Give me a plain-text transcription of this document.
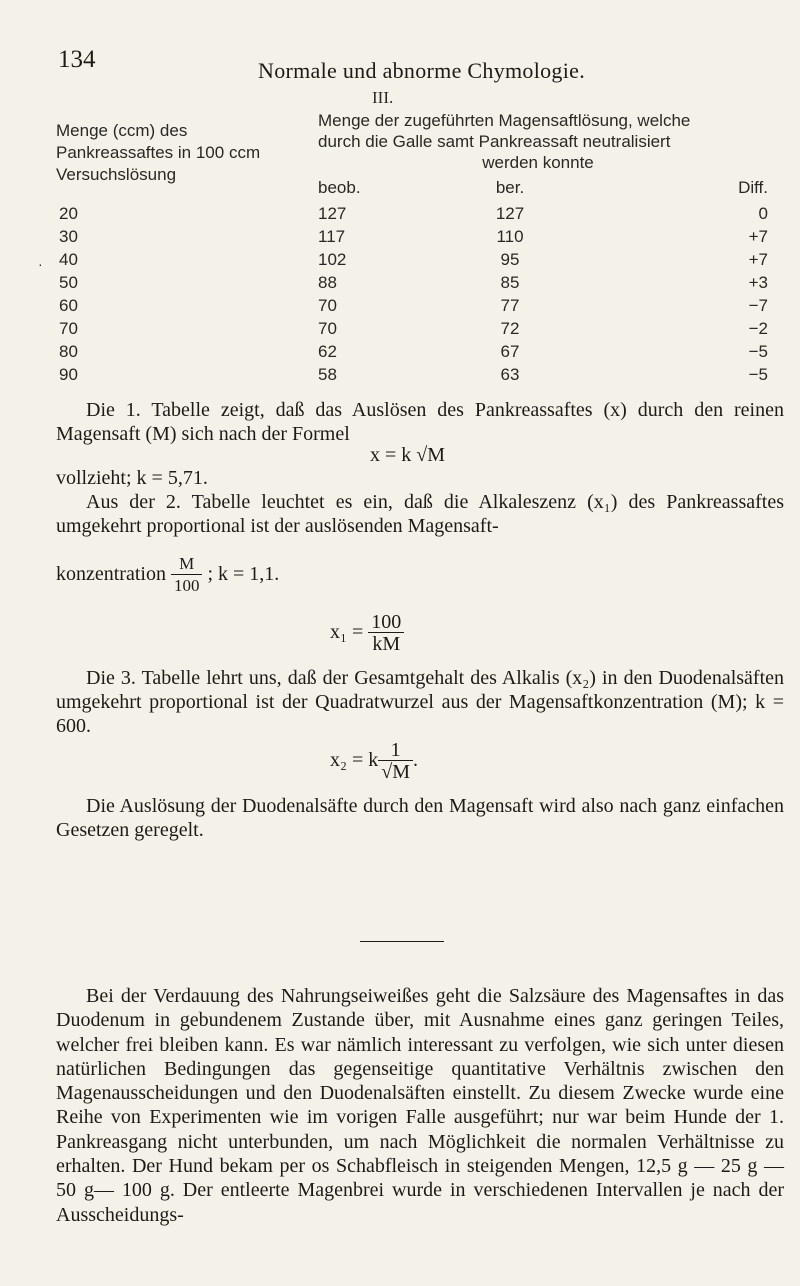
134	Normale und abnorme Chymologie.
III.
Menge (ccm) des Pankreassaftes in 100 ccm Versuchslösung
Menge der zugeführten Magensaftlösung, welche
durch die Galle samt Pankreassaft neutralisiert

werden konnte
beob.	ber.	Diff.
·
20	127	127	0
30	117	110	+7
40	102	95	+7
50	88	85	+3
60	70	77	−7
70	70	72	−2
80	62	67	−5
90	58	63	−5
Die 1. Tabelle zeigt, daß das Auslösen des Pankreassaftes (x) durch den reinen Magensaft (M) sich nach der Formel
x = k √M
vollzieht; k = 5,71.
Aus der 2. Tabelle leuchtet es ein, daß die Alkaleszenz (x₁) des Pankreassaftes umgekehrt proportional ist der auslösenden Magensaft-
konzentration $\frac{M}{100}$ ; k = 1,1.
$x_1 = \frac{100}{kM}$
Die 3. Tabelle lehrt uns, daß der Gesamtgehalt des Alkalis (x₂) in den Duodenalsäften umgekehrt proportional ist der Quadratwurzel aus der Magensaftkonzentration (M); k = 600.
x₂ = k $\frac{1}{√M}$ .
Die Auslösung der Duodenalsäfte durch den Magensaft wird also nach ganz einfachen Gesetzen geregelt.
Bei der Verdauung des Nahrungseiweißes geht die Salzsäure des Magensaftes in das Duodenum in gebundenem Zustande über, mit Ausnahme eines ganz geringen Teiles, welcher frei bleiben kann. Es war nämlich interessant zu verfolgen, wie sich unter diesen natürlichen Bedingungen das gegenseitige quantitative Verhältnis zwischen den Magenausscheidungen und den Duodenalsäften einstellt. Zu diesem Zwecke wurde eine Reihe von Experimenten wie im vorigen Falle ausgeführt; nur war beim Hunde der 1. Pankreasgang nicht unterbunden, um nach Möglichkeit die normalen Verhältnisse zu erhalten. Der Hund bekam per os Schabfleisch in steigenden Mengen, 12,5 g — 25 g — 50 g— 100 g. Der entleerte Magenbrei wurde in verschiedenen Intervallen je nach der Ausscheidungs-
